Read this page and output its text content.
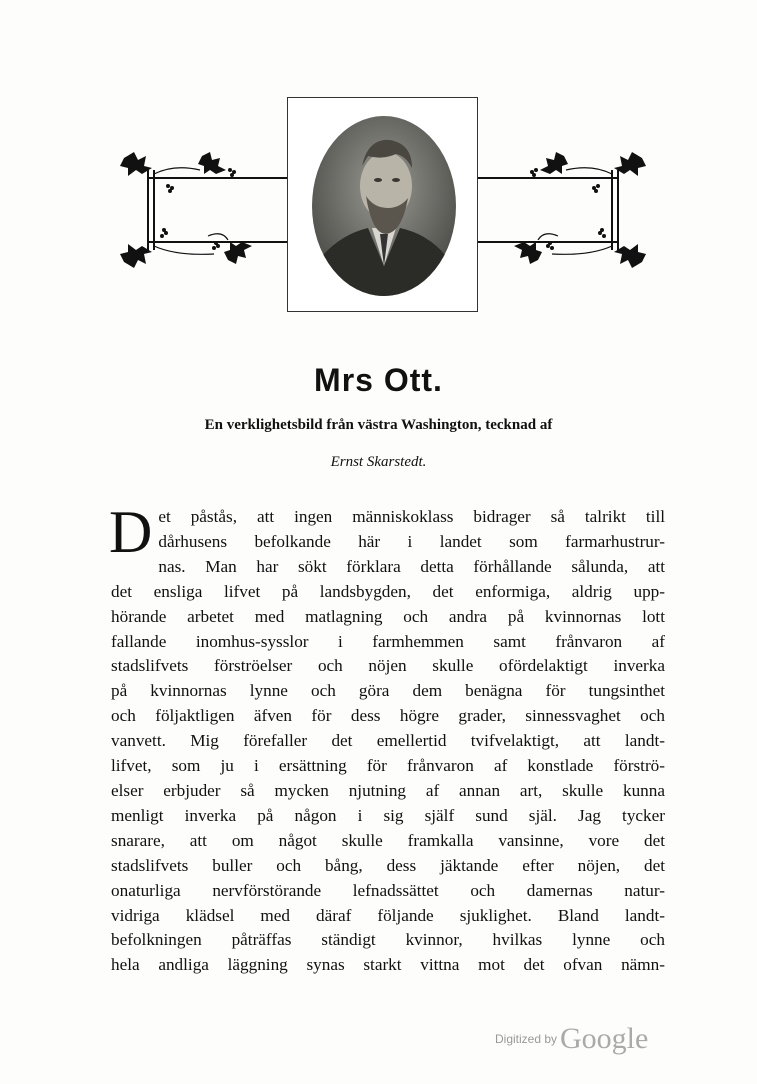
Mrs Ott.

En verklighetsbild från västra Washington, tecknad af

Ernst Skarstedt.

D et påstås, att ingen människoklass bidrager så talrikt till
dårhusens befolkande här i landet som farmarhustrur-
nas. Man har sökt förklara detta förhållande sålunda, att
det ensliga lifvet på landsbygden, det enformiga, aldrig upp-
hörande arbetet med matlagning och andra på kvinnornas lott
fallande inomhus-sysslor i farmhemmen samt frånvaron af
stadslifvets förströelser och nöjen skulle ofördelaktigt inverka
på kvinnornas lynne och göra dem benägna för tungsinthet
och följaktligen äfven för dess högre grader, sinnessvaghet och
vanvett. Mig förefaller det emellertid tvifvelaktigt, att landt-
lifvet, som ju i ersättning för frånvaron af konstlade förströ-
elser erbjuder så mycken njutning af annan art, skulle kunna
menligt inverka på någon i sig själf sund själ. Jag tycker
snarare, att om något skulle framkalla vansinne, vore det
stadslifvets buller och bång, dess jäktande efter nöjen, det
onaturliga nervförstörande lefnadssättet och damernas natur-
vidriga klädsel med däraf följande sjuklighet. Bland landt-
befolkningen påträffas ständigt kvinnor, hvilkas lynne och
hela andliga läggning synas starkt vittna mot det ofvan nämn-
Digitized by Google
